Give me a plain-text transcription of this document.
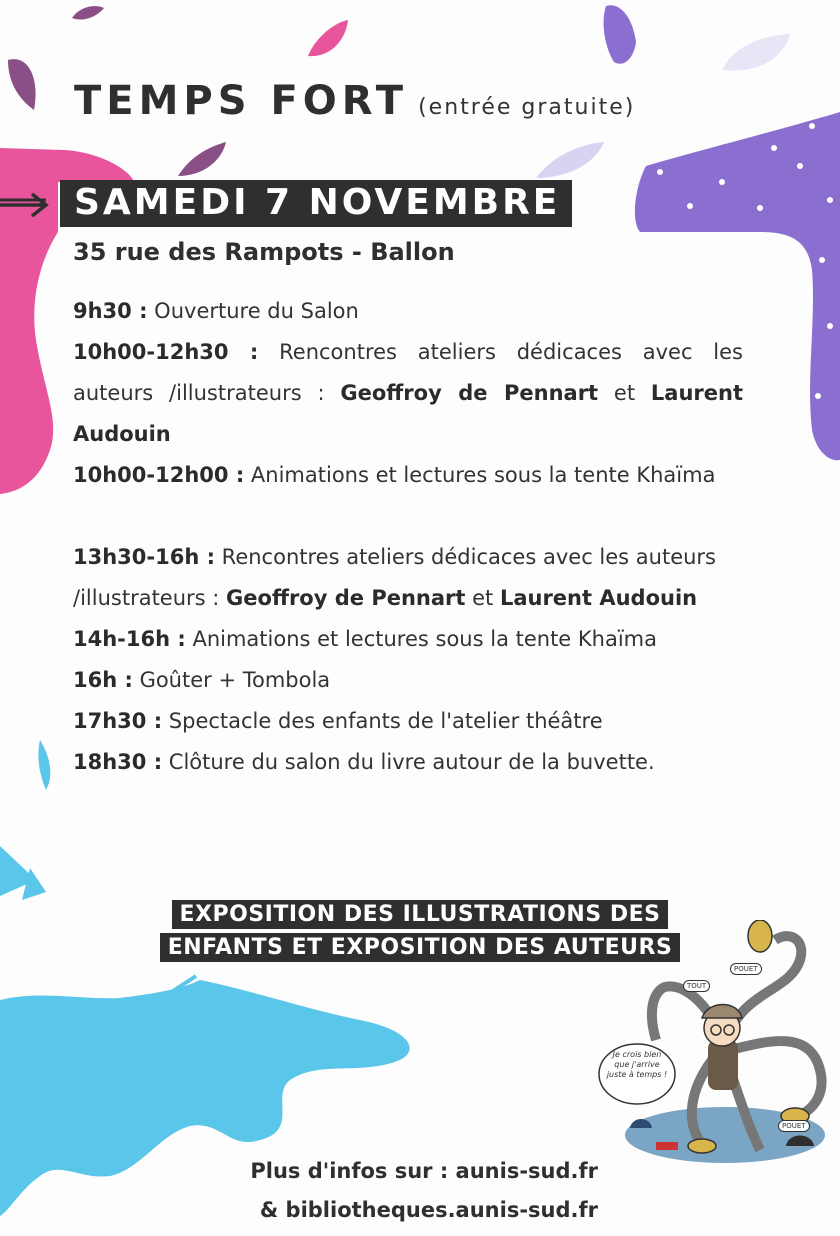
TEMPS FORT (entrée gratuite)
SAMEDI 7 NOVEMBRE
35 rue des Rampots - Ballon

9h30 : Ouverture du Salon

10h00-12h30 : Rencontres ateliers dédicaces avec les auteurs /illustrateurs : Geoffroy de Pennart et Laurent Audouin

10h00-12h00 : Animations et lectures sous la tente Khaïma

13h30-16h : Rencontres ateliers dédicaces avec les auteurs /illustrateurs : Geoffroy de Pennart et Laurent Audouin

14h-16h : Animations et lectures sous la tente Khaïma

16h : Goûter + Tombola

17h30 : Spectacle des enfants de l'atelier théâtre

18h30 : Clôture du salon du livre autour de la buvette.

EXPOSITION DES ILLUSTRATIONS DES
ENFANTS ET EXPOSITION DES AUTEURS
Je crois bien que j'arrive juste à temps !
POUET
TOUT
POUET
Plus d'infos sur : aunis-sud.fr
& bibliotheques.aunis-sud.fr
